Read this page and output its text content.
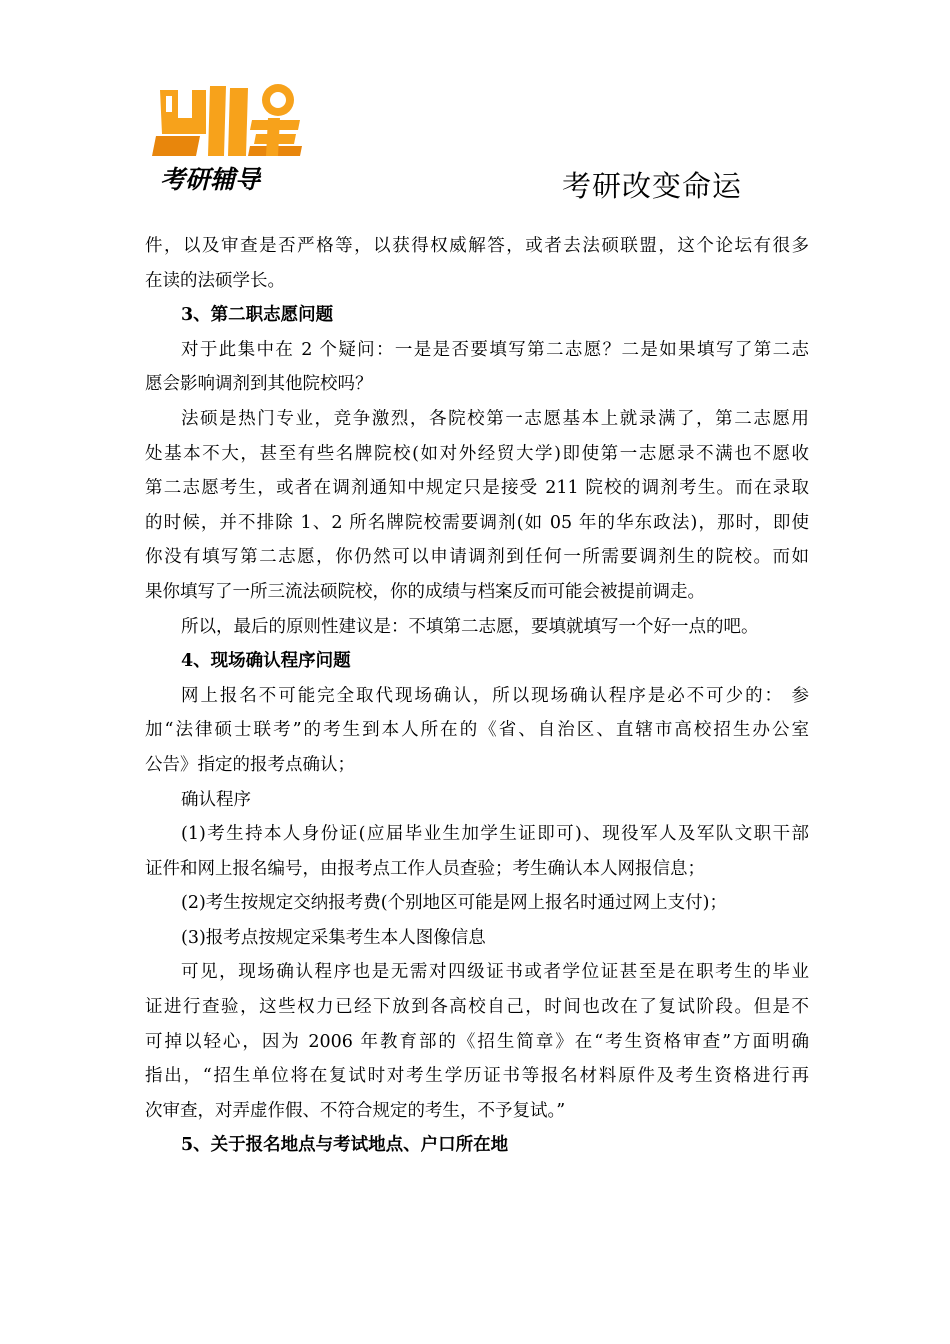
考研辅导	考研改变命运
件，以及审查是否严格等，以获得权威解答，或者去法硕联盟，这个论坛有很多
在读的法硕学长。
3、第二职志愿问题
对于此集中在 2 个疑问：一是是否要填写第二志愿？二是如果填写了第二志
愿会影响调剂到其他院校吗？
法硕是热门专业，竞争激烈，各院校第一志愿基本上就录满了，第二志愿用
处基本不大，甚至有些名牌院校(如对外经贸大学)即使第一志愿录不满也不愿收
第二志愿考生，或者在调剂通知中规定只是接受 211 院校的调剂考生。而在录取
的时候，并不排除 1、2 所名牌院校需要调剂(如 05 年的华东政法)，那时，即使
你没有填写第二志愿，你仍然可以申请调剂到任何一所需要调剂生的院校。而如
果你填写了一所三流法硕院校，你的成绩与档案反而可能会被提前调走。
所以，最后的原则性建议是：不填第二志愿，要填就填写一个好一点的吧。
4、现场确认程序问题
网上报名不可能完全取代现场确认，所以现场确认程序是必不可少的： 参
加“法律硕士联考”的考生到本人所在的《省、自治区、直辖市高校招生办公室
公告》指定的报考点确认；
确认程序
(1)考生持本人身份证(应届毕业生加学生证即可)、现役军人及军队文职干部
证件和网上报名编号，由报考点工作人员查验；考生确认本人网报信息；
(2)考生按规定交纳报考费(个别地区可能是网上报名时通过网上支付)；
(3)报考点按规定采集考生本人图像信息
可见，现场确认程序也是无需对四级证书或者学位证甚至是在职考生的毕业
证进行查验，这些权力已经下放到各高校自己，时间也改在了复试阶段。但是不
可掉以轻心，因为 2006 年教育部的《招生简章》在“考生资格审查”方面明确
指出，“招生单位将在复试时对考生学历证书等报名材料原件及考生资格进行再
次审查，对弄虚作假、不符合规定的考生，不予复试。”
5、关于报名地点与考试地点、户口所在地
